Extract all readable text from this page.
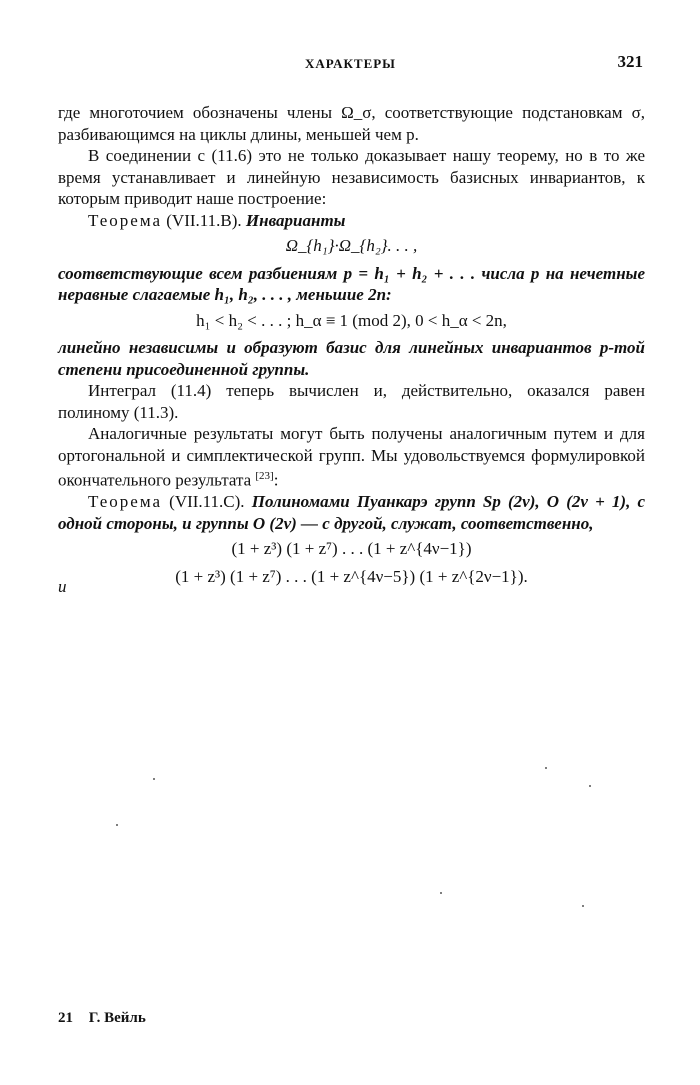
ХАРАКТЕРЫ	321

где многоточием обозначены члены Ω_σ, соответствующие подстановкам σ, разбивающимся на циклы длины, меньшей чем p.

В соединении с (11.6) это не только доказывает нашу теорему, но в то же время устанавливает и линейную независимость базисных инвариантов, к которым приводит наше построение:

Теорема (VII.11.B). Инварианты

Ω_{h₁}·Ω_{h₂}. . . ,

соответствующие всем разбиениям p = h₁ + h₂ + . . . числа p на нечетные неравные слагаемые h₁, h₂, . . . , меньшие 2n:

h₁ < h₂ < . . . ; h_α ≡ 1 (mod 2), 0 < h_α < 2n,

линейно независимы и образуют базис для линейных инвариантов p-той степени присоединенной группы.

Интеграл (11.4) теперь вычислен и, действительно, оказался равен полиному (11.3).

Аналогичные результаты могут быть получены аналогичным путем и для ортогональной и симплектической групп. Мы удовольствуемся формулировкой окончательного результата [23]:

Теорема (VII.11.C). Полиномами Пуанкарэ групп Sp (2ν), O (2ν + 1), с одной стороны, и группы O (2ν) — с другой, служат, соответственно,

(1 + z³) (1 + z⁷) . . . (1 + z^{4ν−1})
и
(1 + z³) (1 + z⁷) . . . (1 + z^{4ν−5}) (1 + z^{2ν−1}).
21 Г. Вейль
